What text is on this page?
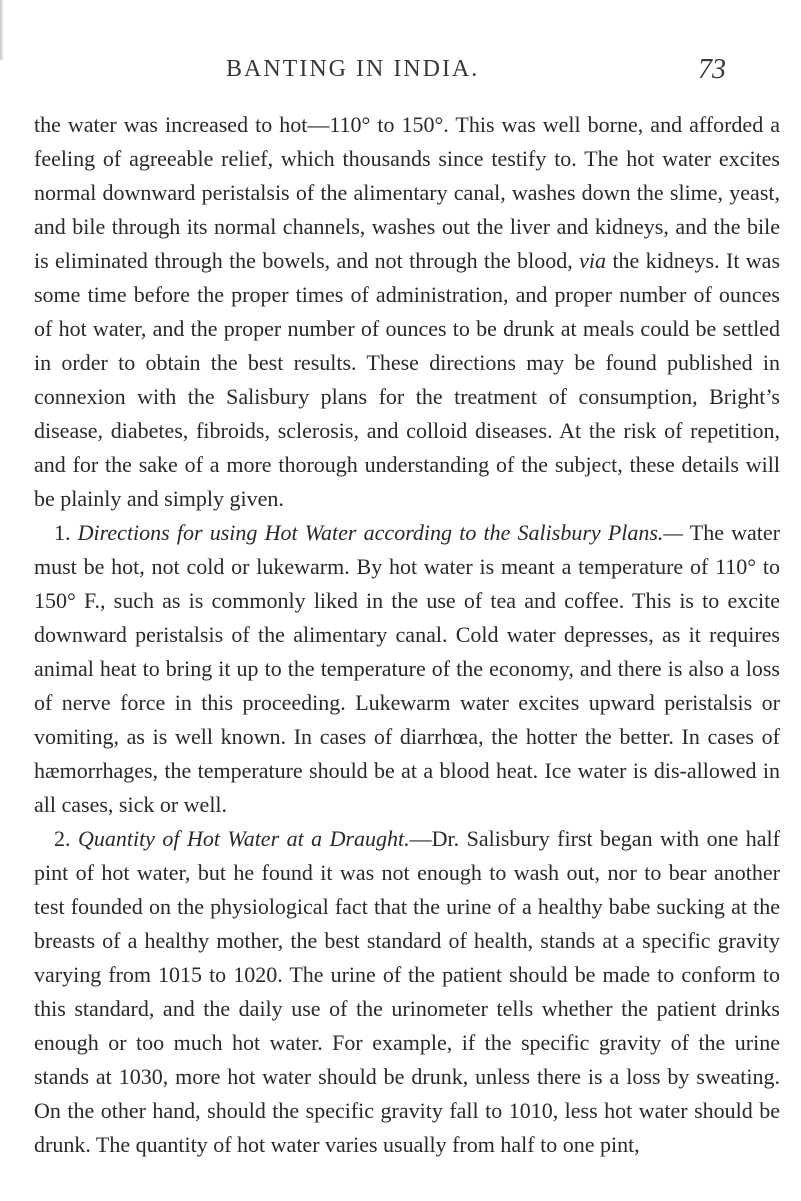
BANTING IN INDIA.	73

the water was increased to hot—110° to 150°. This was well borne, and afforded a feeling of agreeable relief, which thousands since testify to. The hot water excites normal downward peristalsis of the alimentary canal, washes down the slime, yeast, and bile through its normal channels, washes out the liver and kidneys, and the bile is eliminated through the bowels, and not through the blood, via the kidneys. It was some time before the proper times of administration, and proper number of ounces of hot water, and the proper number of ounces to be drunk at meals could be settled in order to obtain the best results. These directions may be found published in connexion with the Salisbury plans for the treatment of consumption, Bright’s disease, diabetes, fibroids, sclerosis, and colloid diseases. At the risk of repetition, and for the sake of a more thorough understanding of the subject, these details will be plainly and simply given.

1. Directions for using Hot Water according to the Salisbury Plans.— The water must be hot, not cold or lukewarm. By hot water is meant a temperature of 110° to 150° F., such as is commonly liked in the use of tea and coffee. This is to excite downward peristalsis of the alimentary canal. Cold water depresses, as it requires animal heat to bring it up to the temperature of the economy, and there is also a loss of nerve force in this proceeding. Lukewarm water excites upward peristalsis or vomiting, as is well known. In cases of diarrhœa, the hotter the better. In cases of hæmorrhages, the temperature should be at a blood heat. Ice water is dis-allowed in all cases, sick or well.

2. Quantity of Hot Water at a Draught.—Dr. Salisbury first began with one half pint of hot water, but he found it was not enough to wash out, nor to bear another test founded on the physiological fact that the urine of a healthy babe sucking at the breasts of a healthy mother, the best standard of health, stands at a specific gravity varying from 1015 to 1020. The urine of the patient should be made to conform to this standard, and the daily use of the urinometer tells whether the patient drinks enough or too much hot water. For example, if the specific gravity of the urine stands at 1030, more hot water should be drunk, unless there is a loss by sweating. On the other hand, should the specific gravity fall to 1010, less hot water should be drunk. The quantity of hot water varies usually from half to one pint,
